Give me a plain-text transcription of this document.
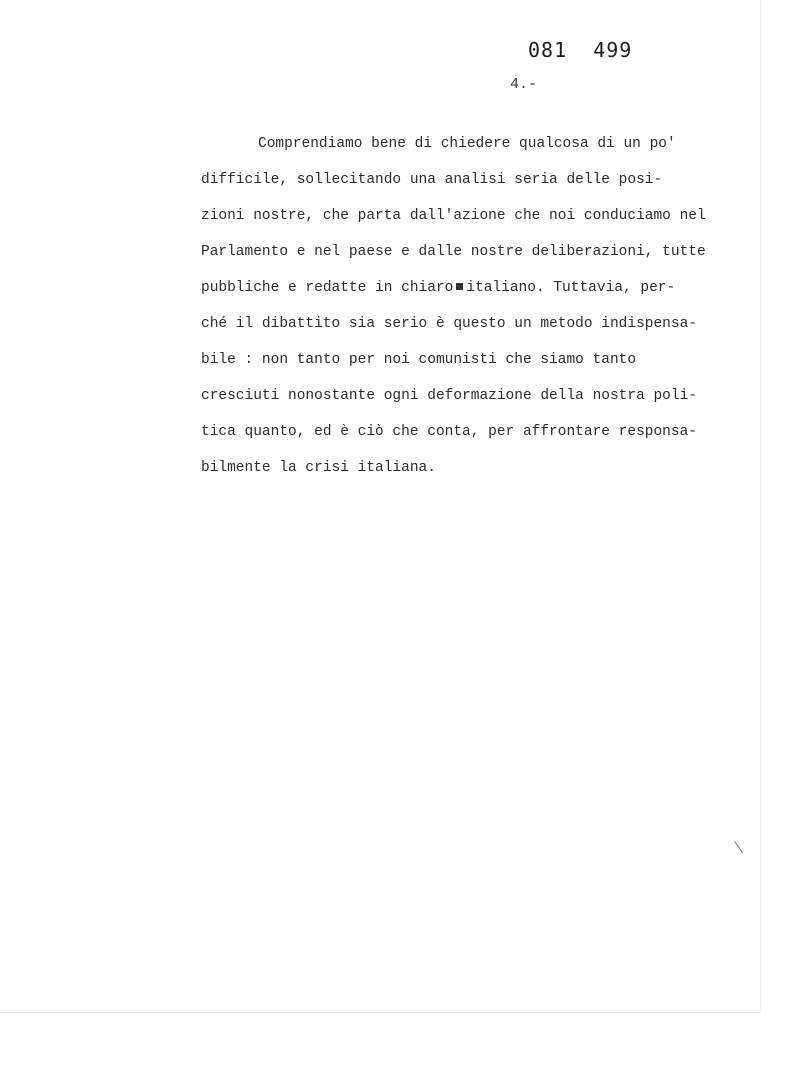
081  499
4.-
Comprendiamo bene di chiedere qualcosa di un po'
difficile, sollecitando una analisi seria delle posi-
zioni nostre, che parta dall'azione che noi conduciamo nel
Parlamento e nel paese e dalle nostre deliberazioni, tutte
pubbliche e redatte in chiaro italiano. Tuttavia, per-
ché il dibattito sia serio è questo un metodo indispensa-
bile : non tanto per noi comunisti che siamo tanto
cresciuti nonostante ogni deformazione della nostra poli-
tica quanto, ed è ciò che conta, per affrontare responsa-
bilmente la crisi italiana.
